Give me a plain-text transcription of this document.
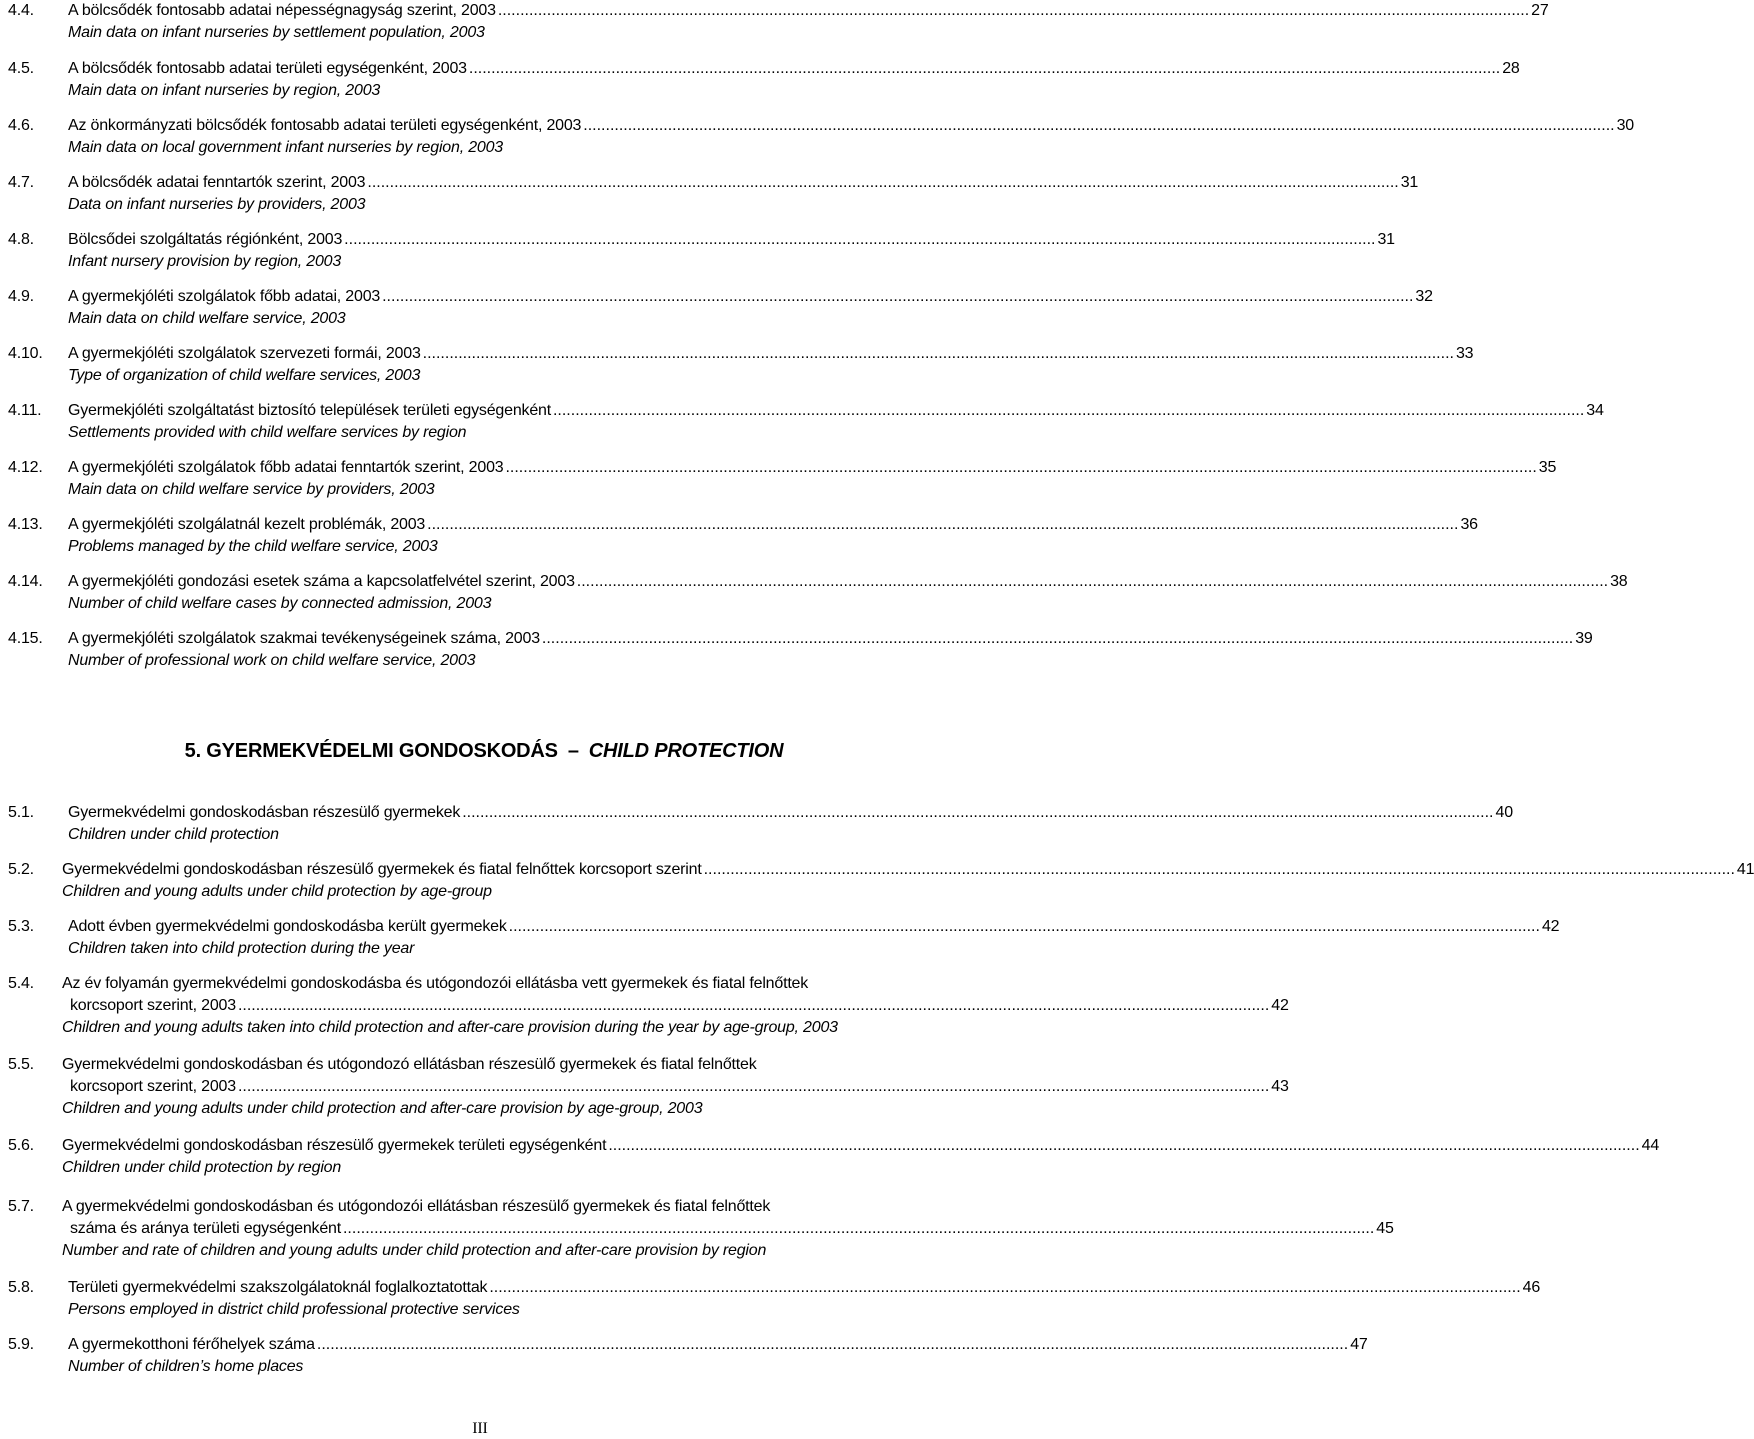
4.4. A bölcsődék fontosabb adatai népességnagyság szerint, 2003 ........................................................................................................................................................................................................................................ 27
Main data on infant nurseries by settlement population, 2003
4.5. A bölcsődék fontosabb adatai területi egységenként, 2003 ........................................................................................................................................................................................................................................ 28
Main data on infant nurseries by region, 2003
4.6. Az önkormányzati bölcsődék fontosabb adatai területi egységenként, 2003 ........................................................................................................................................................................................................................................ 30
Main data on local government infant nurseries by region, 2003
4.7. A bölcsődék adatai fenntartók szerint, 2003 ........................................................................................................................................................................................................................................ 31
Data on infant nurseries by providers, 2003
4.8. Bölcsődei szolgáltatás régiónként, 2003 ........................................................................................................................................................................................................................................ 31
Infant nursery provision by region, 2003
4.9. A gyermekjóléti szolgálatok főbb adatai, 2003 ........................................................................................................................................................................................................................................ 32
Main data on child welfare service, 2003
4.10. A gyermekjóléti szolgálatok szervezeti formái, 2003 ........................................................................................................................................................................................................................................ 33
Type of organization of child welfare services, 2003
4.11. Gyermekjóléti szolgáltatást biztosító települések területi egységenként ........................................................................................................................................................................................................................................ 34
Settlements provided with child welfare services by region
4.12. A gyermekjóléti szolgálatok főbb adatai fenntartók szerint, 2003 ........................................................................................................................................................................................................................................ 35
Main data on child welfare service by providers, 2003
4.13. A gyermekjóléti szolgálatnál kezelt problémák, 2003 ........................................................................................................................................................................................................................................ 36
Problems managed by the child welfare service, 2003
4.14. A gyermekjóléti gondozási esetek száma a kapcsolatfelvétel szerint, 2003 ........................................................................................................................................................................................................................................ 38
Number of child welfare cases by connected admission, 2003
4.15. A gyermekjóléti szolgálatok szakmai tevékenységeinek száma, 2003 ........................................................................................................................................................................................................................................ 39
Number of professional work on child welfare service, 2003
5. GYERMEKVÉDELMI GONDOSKODÁS – CHILD PROTECTION
5.1. Gyermekvédelmi gondoskodásban részesülő gyermekek ........................................................................................................................................................................................................................................ 40
Children under child protection
5.2. Gyermekvédelmi gondoskodásban részesülő gyermekek és fiatal felnőttek korcsoport szerint ........................................................................................................................................................................................................................................ 41
Children and young adults under child protection by age-group
5.3. Adott évben gyermekvédelmi gondoskodásba került gyermekek ........................................................................................................................................................................................................................................ 42
Children taken into child protection during the year
5.4. Az év folyamán gyermekvédelmi gondoskodásba és utógondozói ellátásba vett gyermekek és fiatal felnőttek
korcsoport szerint, 2003 ........................................................................................................................................................................................................................................ 42
Children and young adults taken into child protection and after-care provision during the year by age-group, 2003
5.5. Gyermekvédelmi gondoskodásban és utógondozó ellátásban részesülő gyermekek és fiatal felnőttek
korcsoport szerint, 2003 ........................................................................................................................................................................................................................................ 43
Children and young adults under child protection and after-care provision by age-group, 2003
5.6. Gyermekvédelmi gondoskodásban részesülő gyermekek területi egységenként ........................................................................................................................................................................................................................................ 44
Children under child protection by region
5.7. A gyermekvédelmi gondoskodásban és utógondozói ellátásban részesülő gyermekek és fiatal felnőttek
száma és aránya területi egységenként ........................................................................................................................................................................................................................................ 45
Number and rate of children and young adults under child protection and after-care provision by region
5.8. Területi gyermekvédelmi szakszolgálatoknál foglalkoztatottak ........................................................................................................................................................................................................................................ 46
Persons employed in district child professional protective services
5.9. A gyermekotthoni férőhelyek száma ........................................................................................................................................................................................................................................ 47
Number of children’s home places
III
